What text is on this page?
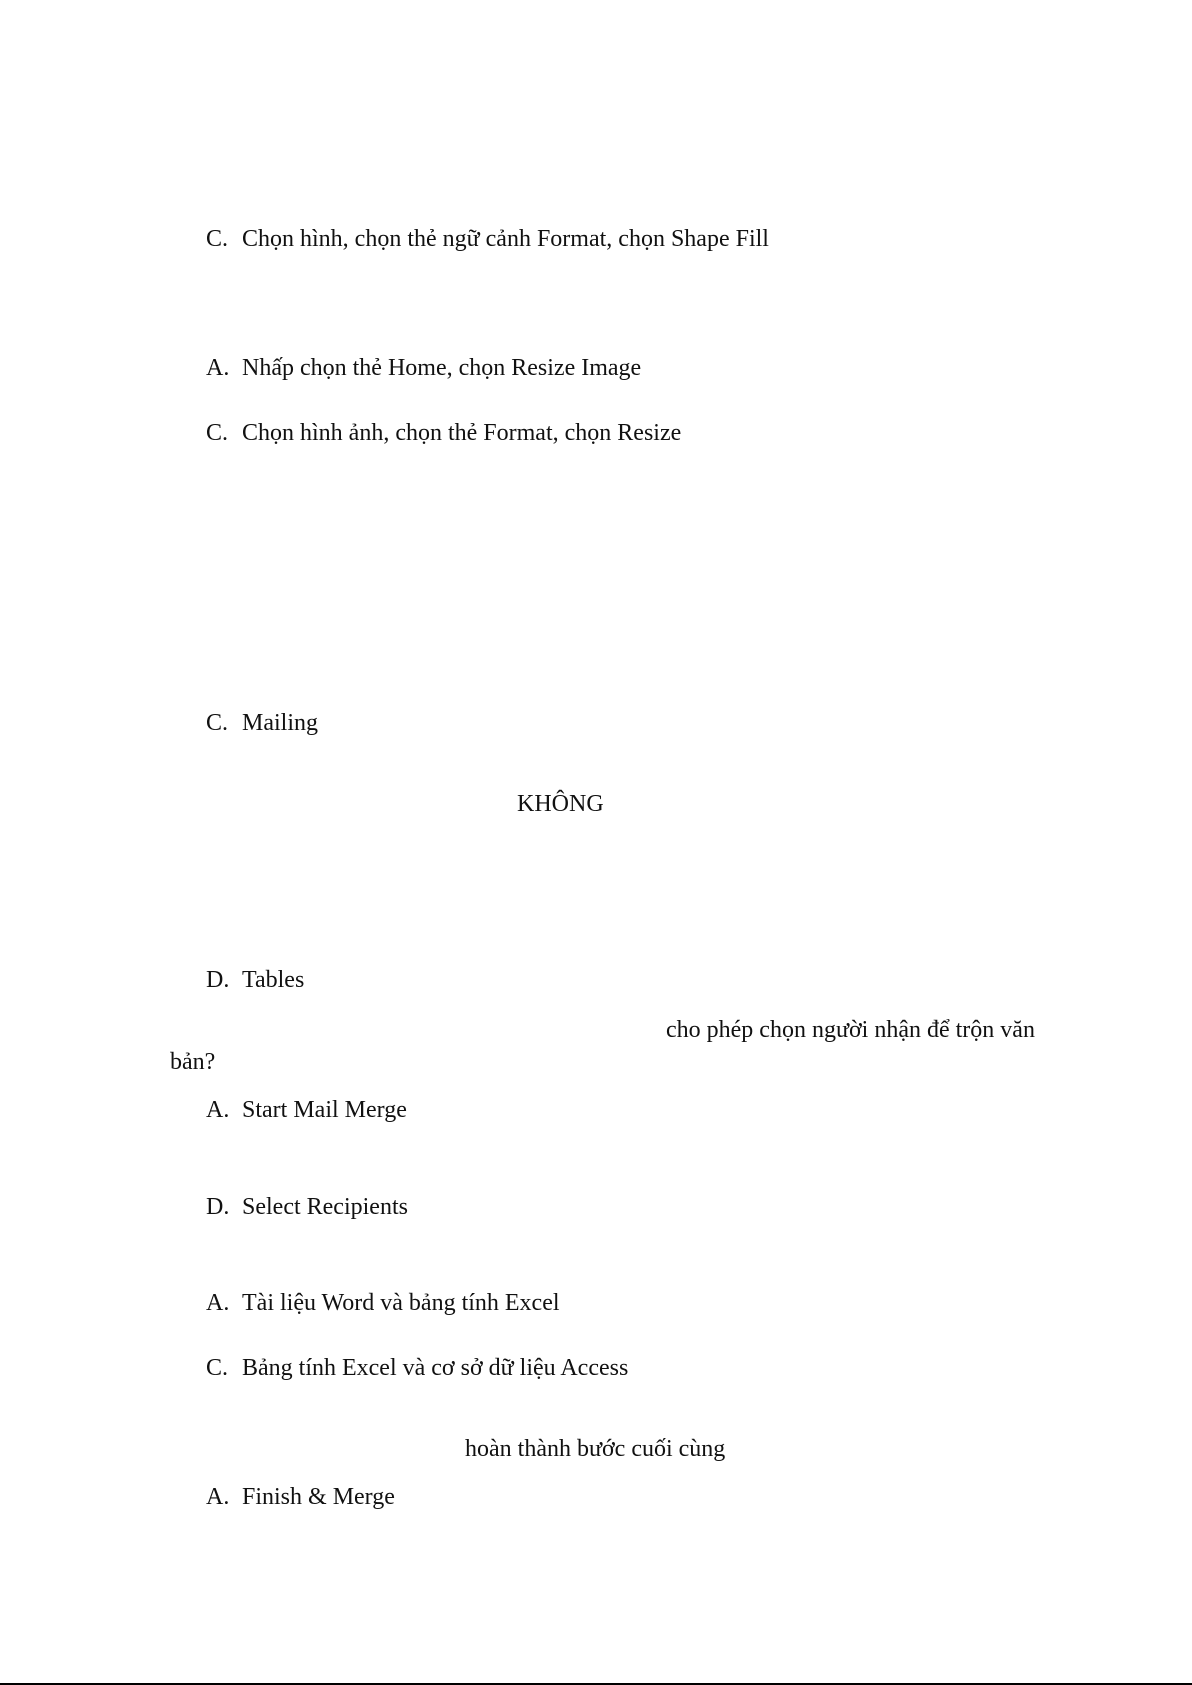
C. Chọn hình, chọn thẻ ngữ cảnh Format, chọn Shape Fill
A. Nhấp chọn thẻ Home, chọn Resize Image
C. Chọn hình ảnh, chọn thẻ Format, chọn Resize
C. Mailing
KHÔNG
D. Tables
cho phép chọn người nhận để trộn văn
bản?
A. Start Mail Merge
D. Select Recipients
A. Tài liệu Word và bảng tính Excel
C. Bảng tính Excel và cơ sở dữ liệu Access
hoàn thành bước cuối cùng
A. Finish & Merge
